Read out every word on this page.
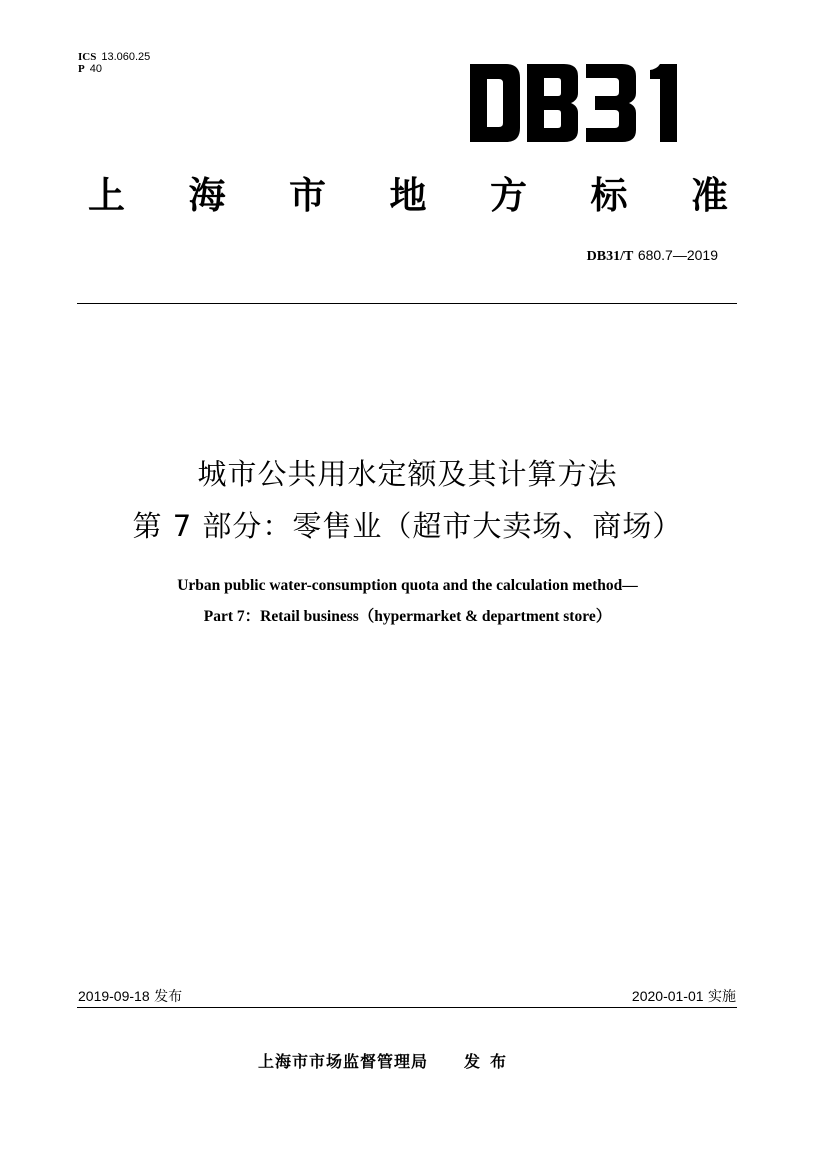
ICS 13.060.25
P 40
上 海 市 地 方 标 准
DB31/T 680.7—2019
城市公共用水定额及其计算方法
第 7 部分：零售业（超市大卖场、商场）
Urban public water-consumption quota and the calculation method—
Part 7：Retail business（hypermarket & department store）
2019-09-18 发布	2020-01-01 实施
上海市市场监督管理局 发布
